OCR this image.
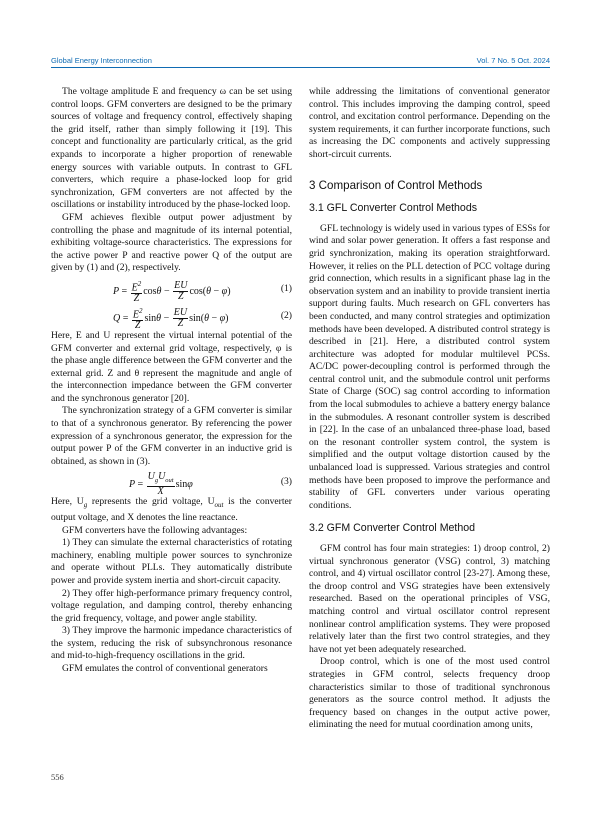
Global Energy Interconnection	Vol. 7 No. 5 Oct. 2024

The voltage amplitude E and frequency ω can be set using control loops. GFM converters are designed to be the primary sources of voltage and frequency control, effectively shaping the grid itself, rather than simply following it [19]. This concept and functionality are particularly critical, as the grid expands to incorporate a higher proportion of renewable energy sources with variable outputs. In contrast to GFL converters, which require a phase-locked loop for grid synchronization, GFM converters are not affected by the oscillations or instability introduced by the phase-locked loop.

GFM achieves flexible output power adjustment by controlling the phase and magnitude of its internal potential, exhibiting voltage-source characteristics. The expressions for the active power P and reactive power Q of the output are given by (1) and (2), respectively.

$P = \frac{E^2}{Z}$ $\cos\theta - \frac{EU}{Z} \cos(\theta - \varphi)$	(1)
$Q = \frac{E^2}{Z}$ $\sin\theta - \frac{EU}{Z} \sin(\theta - \varphi)$	(2)

Here, E and U represent the virtual internal potential of the GFM converter and external grid voltage, respectively, φ is the phase angle difference between the GFM converter and the external grid. Z and θ represent the magnitude and angle of the interconnection impedance between the GFM converter and the synchronous generator [20].

The synchronization strategy of a GFM converter is similar to that of a synchronous generator. By referencing the power expression of a synchronous generator, the expression for the output power P of the GFM converter in an inductive grid is obtained, as shown in (3).

$P = \frac{U_gU_{out}}{X}$ sinφ	(3)

Here, $U_g$ represents the grid voltage, $U_{out}$ is the converter output voltage, and X denotes the line reactance.

GFM converters have the following advantages:

1) They can simulate the external characteristics of rotating machinery, enabling multiple power sources to synchronize and operate without PLLs. They automatically distribute power and provide system inertia and short-circuit capacity.

2) They offer high-performance primary frequency control, voltage regulation, and damping control, thereby enhancing the grid frequency, voltage, and power angle stability.

3) They improve the harmonic impedance characteristics of the system, reducing the risk of subsynchronous resonance and mid-to-high-frequency oscillations in the grid.

GFM emulates the control of conventional generators

while addressing the limitations of conventional generator control. This includes improving the damping control, speed control, and excitation control performance. Depending on the system requirements, it can further incorporate functions, such as increasing the DC components and actively suppressing short-circuit currents.

3 Comparison of Control Methods
3.1 GFL Converter Control Methods

GFL technology is widely used in various types of ESSs for wind and solar power generation. It offers a fast response and grid synchronization, making its operation straightforward. However, it relies on the PLL detection of PCC voltage during grid connection, which results in a significant phase lag in the observation system and an inability to provide transient inertia support during faults. Much research on GFL converters has been conducted, and many control strategies and optimization methods have been developed. A distributed control strategy is described in [21]. Here, a distributed control system architecture was adopted for modular multilevel PCSs. AC/DC power-decoupling control is performed through the central control unit, and the submodule control unit performs State of Charge (SOC) sag control according to information from the local submodules to achieve a battery energy balance in the submodules. A resonant controller system is described in [22]. In the case of an unbalanced three-phase load, based on the resonant controller system control, the system is simplified and the output voltage distortion caused by the unbalanced load is suppressed. Various strategies and control methods have been proposed to improve the performance and stability of GFL converters under various operating conditions.

3.2 GFM Converter Control Method

GFM control has four main strategies: 1) droop control, 2) virtual synchronous generator (VSG) control, 3) matching control, and 4) virtual oscillator control [23-27]. Among these, the droop control and VSG strategies have been extensively researched. Based on the operational principles of VSG, matching control and virtual oscillator control represent nonlinear control amplification systems. They were proposed relatively later than the first two control strategies, and they have not yet been adequately researched.

Droop control, which is one of the most used control strategies in GFM control, selects frequency droop characteristics similar to those of traditional synchronous generators as the source control method. It adjusts the frequency based on changes in the output active power, eliminating the need for mutual coordination among units,

556
